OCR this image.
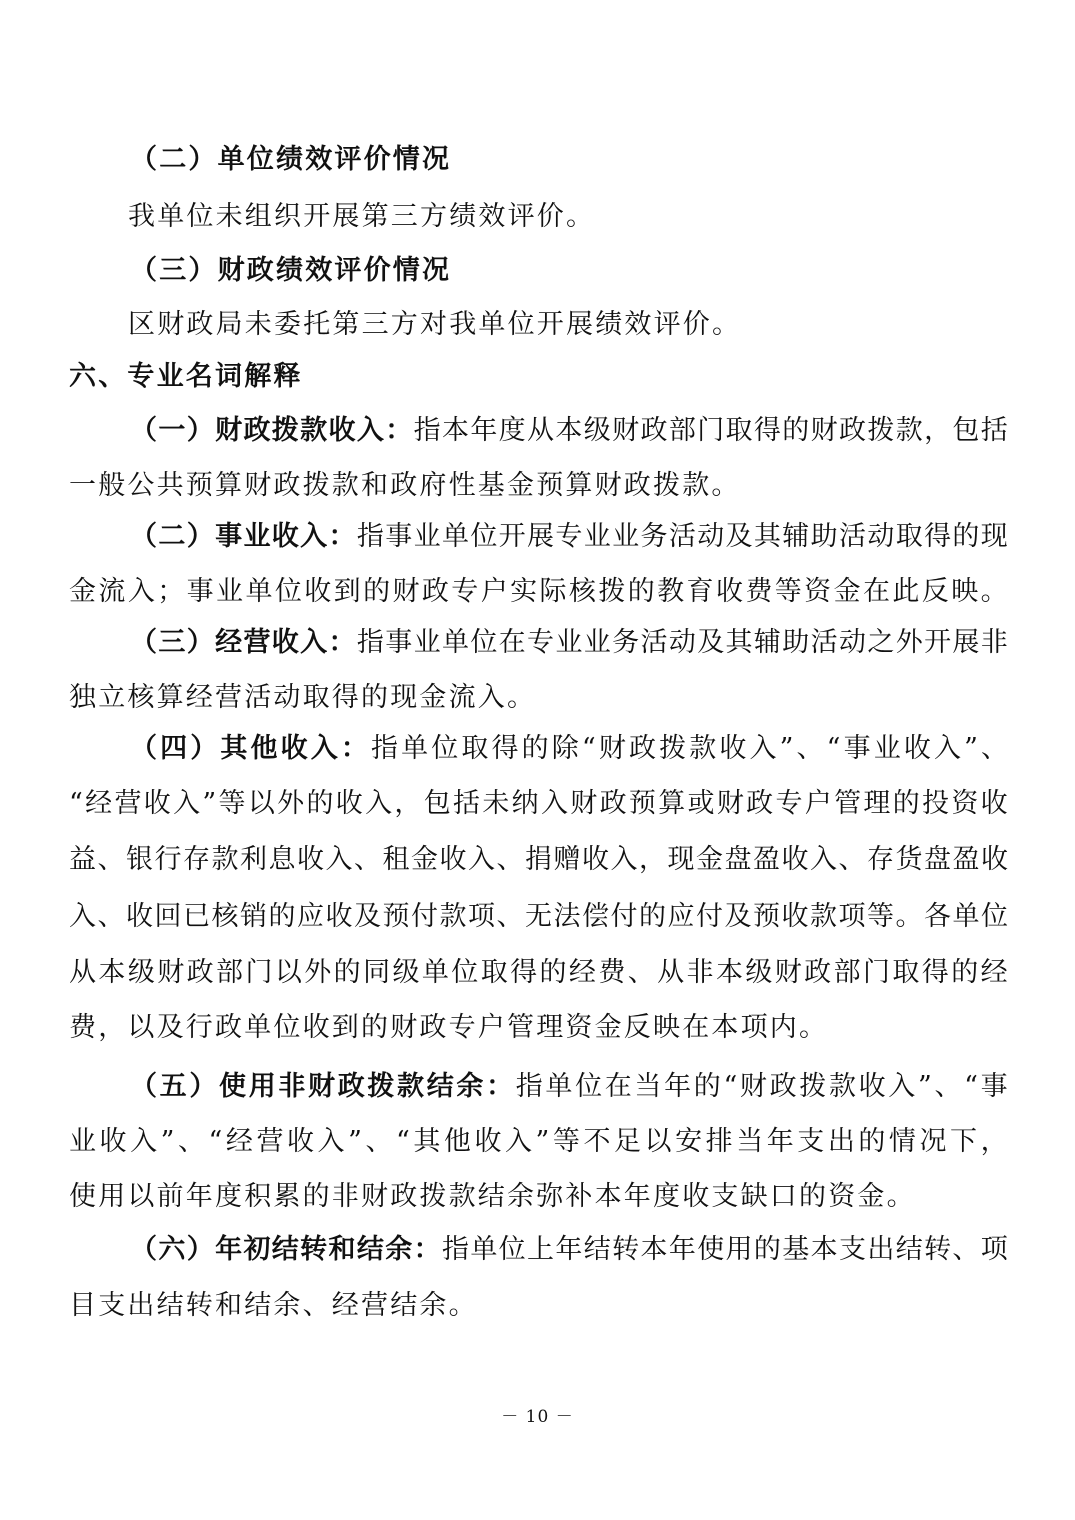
（二）单位绩效评价情况
我单位未组织开展第三方绩效评价。
（三）财政绩效评价情况
区财政局未委托第三方对我单位开展绩效评价。
六、专业名词解释
（ 一 ） 财 政 拨 款 收 入 ： 指 本 年 度 从 本 级 财 政 部 门 取 得 的 财 政 拨 款 ， 包 括
一般公共预算财政拨款和政府性基金预算财政拨款。
（ 二 ） 事 业 收 入 ： 指 事 业 单 位 开 展 专 业 业 务 活 动 及 其 辅 助 活 动 取 得 的 现
金 流 入 ； 事 业 单 位 收 到 的 财 政 专 户 实 际 核 拨 的 教 育 收 费 等 资 金 在 此 反 映 。
（ 三 ） 经 营 收 入 ： 指 事 业 单 位 在 专 业 业 务 活 动 及 其 辅 助 活 动 之 外 开 展 非
独立核算经营活动取得的现金流入。
（ 四 ） 其 他 收 入 ： 指 单 位 取 得 的 除 “ 财 政 拨 款 收 入 ” 、 “ 事 业 收 入 ” 、
“ 经 营 收 入 ” 等 以 外 的 收 入 ， 包 括 未 纳 入 财 政 预 算 或 财 政 专 户 管 理 的 投 资 收
益 、 银 行 存 款 利 息 收 入 、 租 金 收 入 、 捐 赠 收 入 ， 现 金 盘 盈 收 入 、 存 货 盘 盈 收
入 、 收 回 已 核 销 的 应 收 及 预 付 款 项 、 无 法 偿 付 的 应 付 及 预 收 款 项 等 。 各 单 位
从 本 级 财 政 部 门 以 外 的 同 级 单 位 取 得 的 经 费 、 从 非 本 级 财 政 部 门 取 得 的 经
费，以及行政单位收到的财政专户管理资金反映在本项内。
（ 五 ） 使 用 非 财 政 拨 款 结 余 ： 指 单 位 在 当 年 的 “ 财 政 拨 款 收 入 ” 、 “ 事
业 收 入 ” 、 “ 经 营 收 入 ” 、 “ 其 他 收 入 ” 等 不 足 以 安 排 当 年 支 出 的 情 况 下 ，
使用以前年度积累的非财政拨款结余弥补本年度收支缺口的资金。
（ 六 ） 年 初 结 转 和 结 余 ： 指 单 位 上 年 结 转 本 年 使 用 的 基 本 支 出 结 转 、 项
目支出结转和结余、经营结余。
－ 10 －
